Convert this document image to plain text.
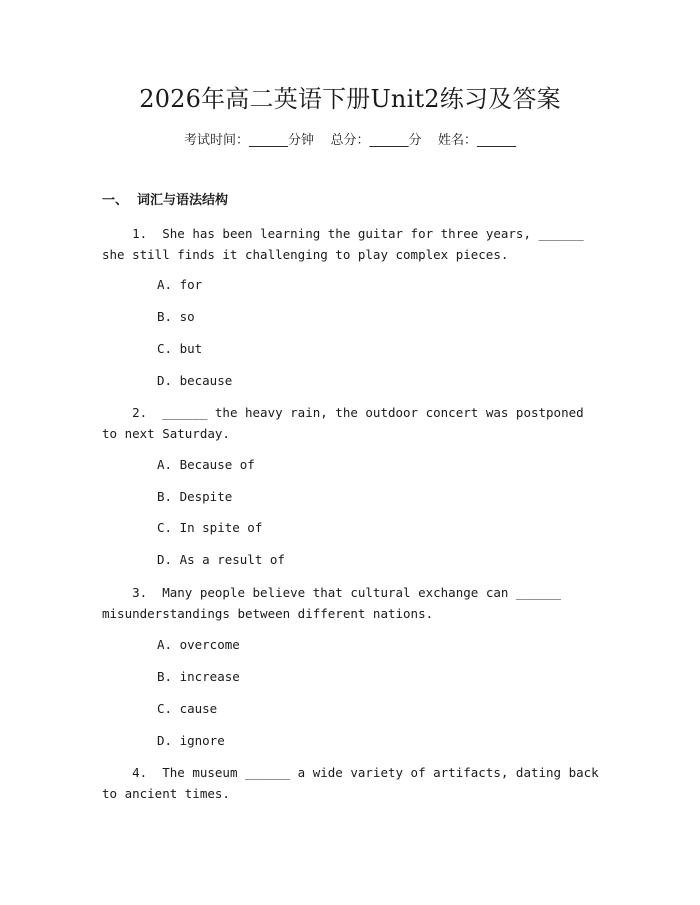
2026年高二英语下册Unit2练习及答案
考试时间：______分钟    总分：______分    姓名：______
一、  词汇与语法结构
1.  She has been learning the guitar for three years, ______ she still finds it challenging to play complex pieces.
A. for
B. so
C. but
D. because
2.  ______ the heavy rain, the outdoor concert was postponed to next Saturday.
A. Because of
B. Despite
C. In spite of
D. As a result of
3.  Many people believe that cultural exchange can ______ misunderstandings between different nations.
A. overcome
B. increase
C. cause
D. ignore
4.  The museum ______ a wide variety of artifacts, dating back to ancient times.
